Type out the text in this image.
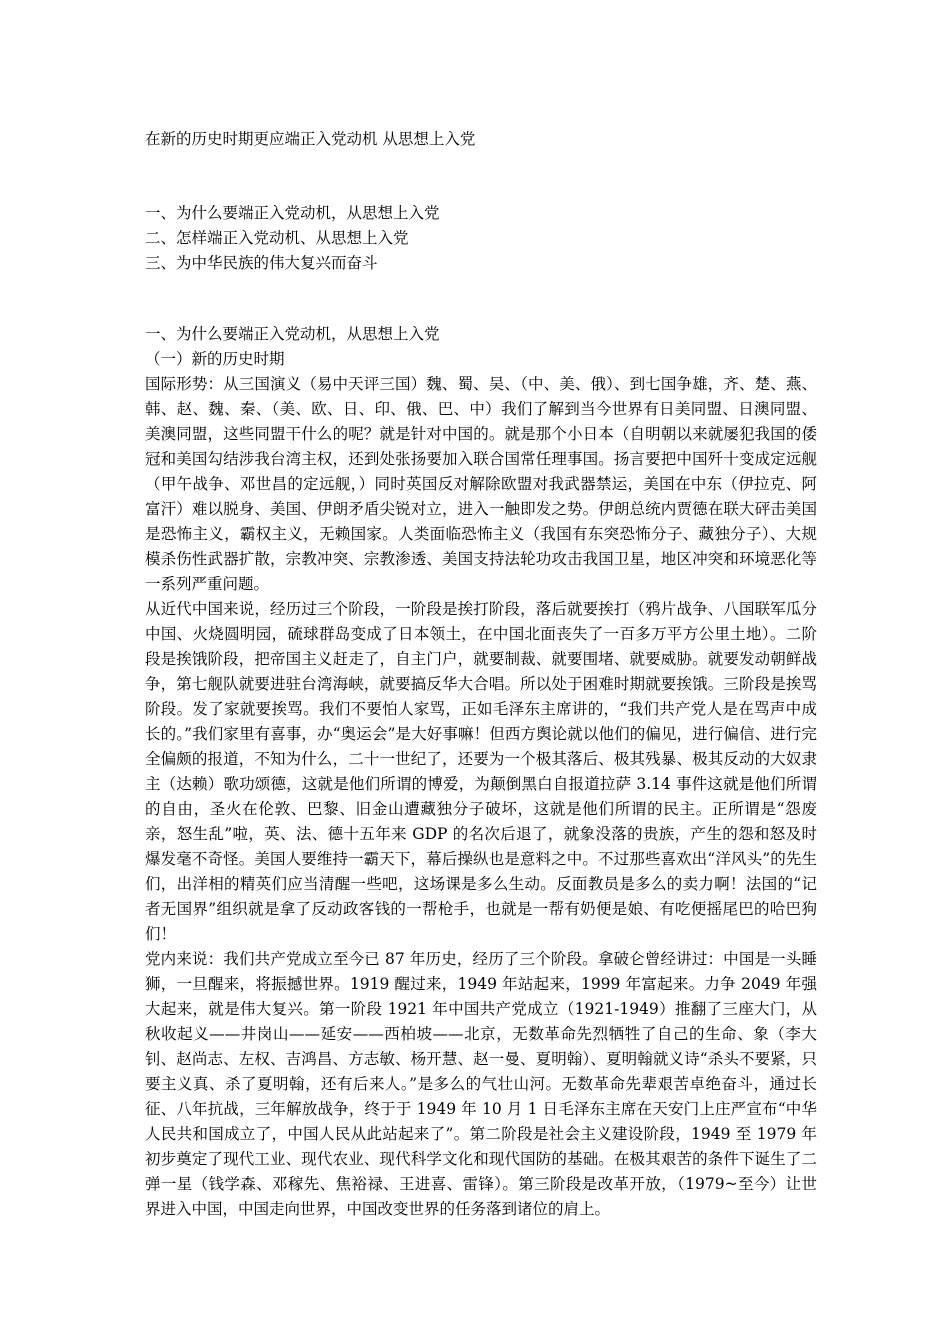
在新的历史时期更应端正入党动机 从思想上入党
一、为什么要端正入党动机，从思想上入党
二、怎样端正入党动机、从思想上入党
三、为中华民族的伟大复兴而奋斗

一、为什么要端正入党动机，从思想上入党

（一）新的历史时期

国际形势：从三国演义（易中天评三国）魏、蜀、吴、（中、美、俄）、到七国争雄，齐、楚、燕、韩、赵、魏、秦、（美、欧、日、印、俄、巴、中）我们了解到当今世界有日美同盟、日澳同盟、美澳同盟，这些同盟干什么的呢？就是针对中国的。就是那个小日本（自明朝以来就屡犯我国的倭冠和美国勾结涉我台湾主权，还到处张扬要加入联合国常任理事国。扬言要把中国歼十变成定远舰（甲午战争、邓世昌的定远舰，）同时英国反对解除欧盟对我武器禁运，美国在中东（伊拉克、阿富汗）难以脱身、美国、伊朗矛盾尖锐对立，进入一触即发之势。伊朗总统内贾德在联大砰击美国是恐怖主义，霸权主义，无赖国家。人类面临恐怖主义（我国有东突恐怖分子、藏独分子）、大规模杀伤性武器扩散，宗教冲突、宗教渗透、美国支持法轮功攻击我国卫星，地区冲突和环境恶化等一系列严重问题。

从近代中国来说，经历过三个阶段，一阶段是挨打阶段，落后就要挨打（鸦片战争、八国联军瓜分中国、火烧圆明园，硫球群岛变成了日本领土，在中国北面丧失了一百多万平方公里土地）。二阶段是挨饿阶段，把帝国主义赶走了，自主门户，就要制裁、就要围堵、就要威胁。就要发动朝鲜战争，第七舰队就要进驻台湾海峡，就要搞反华大合唱。所以处于困难时期就要挨饿。三阶段是挨骂阶段。发了家就要挨骂。我们不要怕人家骂，正如毛泽东主席讲的，“我们共产党人是在骂声中成长的。”我们家里有喜事，办“奥运会”是大好事嘛！但西方舆论就以他们的偏见，进行偏信、进行完全偏颇的报道，不知为什么，二十一世纪了，还要为一个极其落后、极其残暴、极其反动的大奴隶主（达赖）歌功颂德，这就是他们所谓的博爱，为颠倒黑白自报道拉萨 3.14 事件这就是他们所谓的自由，圣火在伦敦、巴黎、旧金山遭藏独分子破坏，这就是他们所谓的民主。正所谓是“怨废亲，怒生乱”啦，英、法、德十五年来 GDP 的名次后退了，就象没落的贵族，产生的怨和怒及时爆发毫不奇怪。美国人要维持一霸天下，幕后操纵也是意料之中。不过那些喜欢出“洋风头”的先生们，出洋相的精英们应当清醒一些吧，这场课是多么生动。反面教员是多么的卖力啊！法国的“记者无国界”组织就是拿了反动政客钱的一帮枪手，也就是一帮有奶便是娘、有吃便摇尾巴的哈巴狗们！

党内来说：我们共产党成立至今已 87 年历史，经历了三个阶段。拿破仑曾经讲过：中国是一头睡狮，一旦醒来，将振撼世界。1919 醒过来，1949 年站起来，1999 年富起来。力争 2049 年强大起来，就是伟大复兴。第一阶段 1921 年中国共产党成立（1921-1949）推翻了三座大门，从秋收起义——井岗山——延安——西柏坡——北京，无数革命先烈牺牲了自己的生命、象（李大钊、赵尚志、左权、吉鸿昌、方志敏、杨开慧、赵一曼、夏明翰）、夏明翰就义诗“杀头不要紧，只要主义真、杀了夏明翰，还有后来人。”是多么的气壮山河。无数革命先辈艰苦卓绝奋斗，通过长征、八年抗战，三年解放战争，终于于 1949 年 10 月 1 日毛泽东主席在天安门上庄严宣布“中华人民共和国成立了，中国人民从此站起来了”。第二阶段是社会主义建设阶段，1949 至 1979 年初步奠定了现代工业、现代农业、现代科学文化和现代国防的基础。在极其艰苦的条件下诞生了二弹一星（钱学森、邓稼先、焦裕禄、王进喜、雷锋）。第三阶段是改革开放，（1979~至今）让世界进入中国，中国走向世界，中国改变世界的任务落到诸位的肩上。
